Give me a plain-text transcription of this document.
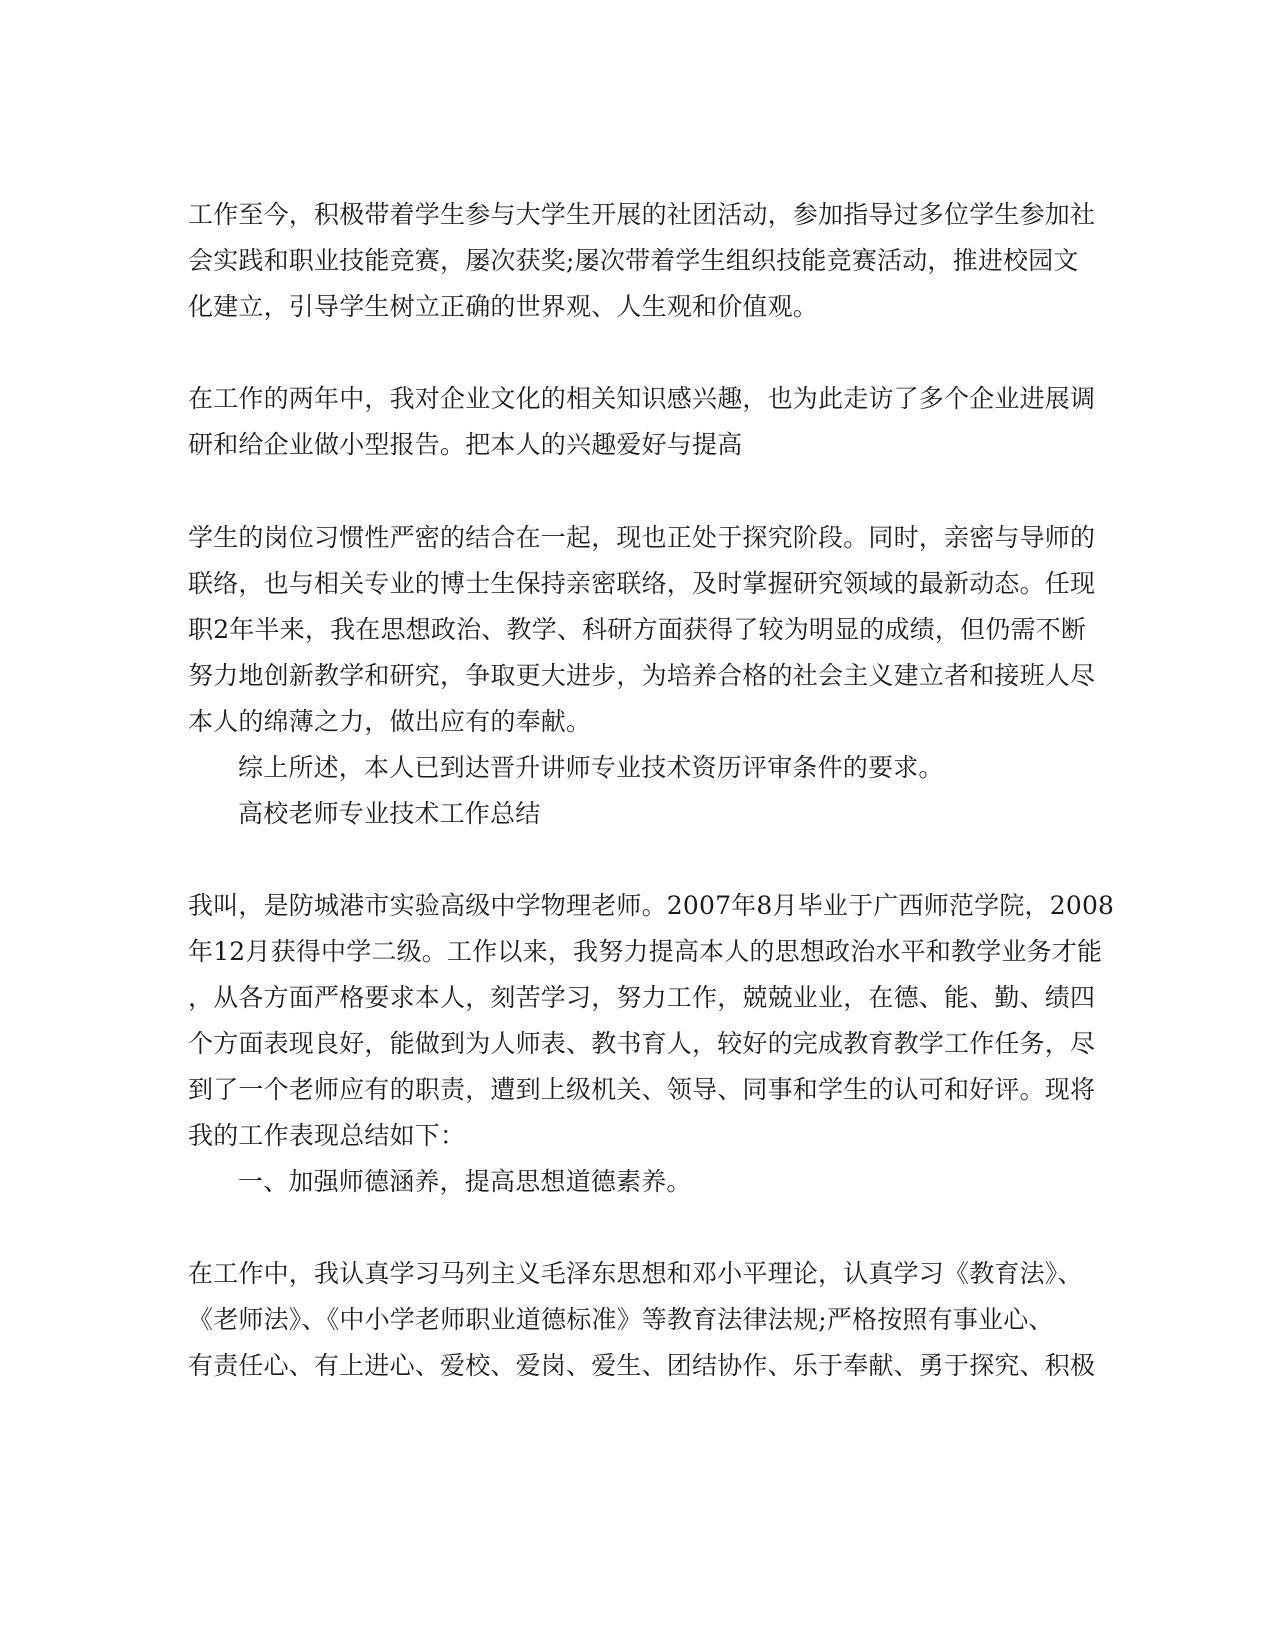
工作至今，积极带着学生参与大学生开展的社团活动，参加指导过多位学生参加社
会实践和职业技能竞赛，屡次获奖;屡次带着学生组织技能竞赛活动，推进校园文
化建立，引导学生树立正确的世界观、人生观和价值观。
在工作的两年中，我对企业文化的相关知识感兴趣，也为此走访了多个企业进展调
研和给企业做小型报告。把本人的兴趣爱好与提高
学生的岗位习惯性严密的结合在一起，现也正处于探究阶段。同时，亲密与导师的
联络，也与相关专业的博士生保持亲密联络，及时掌握研究领域的最新动态。任现
职2年半来，我在思想政治、教学、科研方面获得了较为明显的成绩，但仍需不断
努力地创新教学和研究，争取更大进步，为培养合格的社会主义建立者和接班人尽
本人的绵薄之力，做出应有的奉献。
综上所述，本人已到达晋升讲师专业技术资历评审条件的要求。
高校老师专业技术工作总结
我叫，是防城港市实验高级中学物理老师。2007年8月毕业于广西师范学院，2008
年12月获得中学二级。工作以来，我努力提高本人的思想政治水平和教学业务才能
，从各方面严格要求本人，刻苦学习，努力工作，兢兢业业，在德、能、勤、绩四
个方面表现良好，能做到为人师表、教书育人，较好的完成教育教学工作任务，尽
到了一个老师应有的职责，遭到上级机关、领导、同事和学生的认可和好评。现将
我的工作表现总结如下：
一、加强师德涵养，提高思想道德素养。
在工作中，我认真学习马列主义毛泽东思想和邓小平理论，认真学习《教育法》、
《老师法》、《中小学老师职业道德标准》等教育法律法规;严格按照有事业心、
有责任心、有上进心、爱校、爱岗、爱生、团结协作、乐于奉献、勇于探究、积极
